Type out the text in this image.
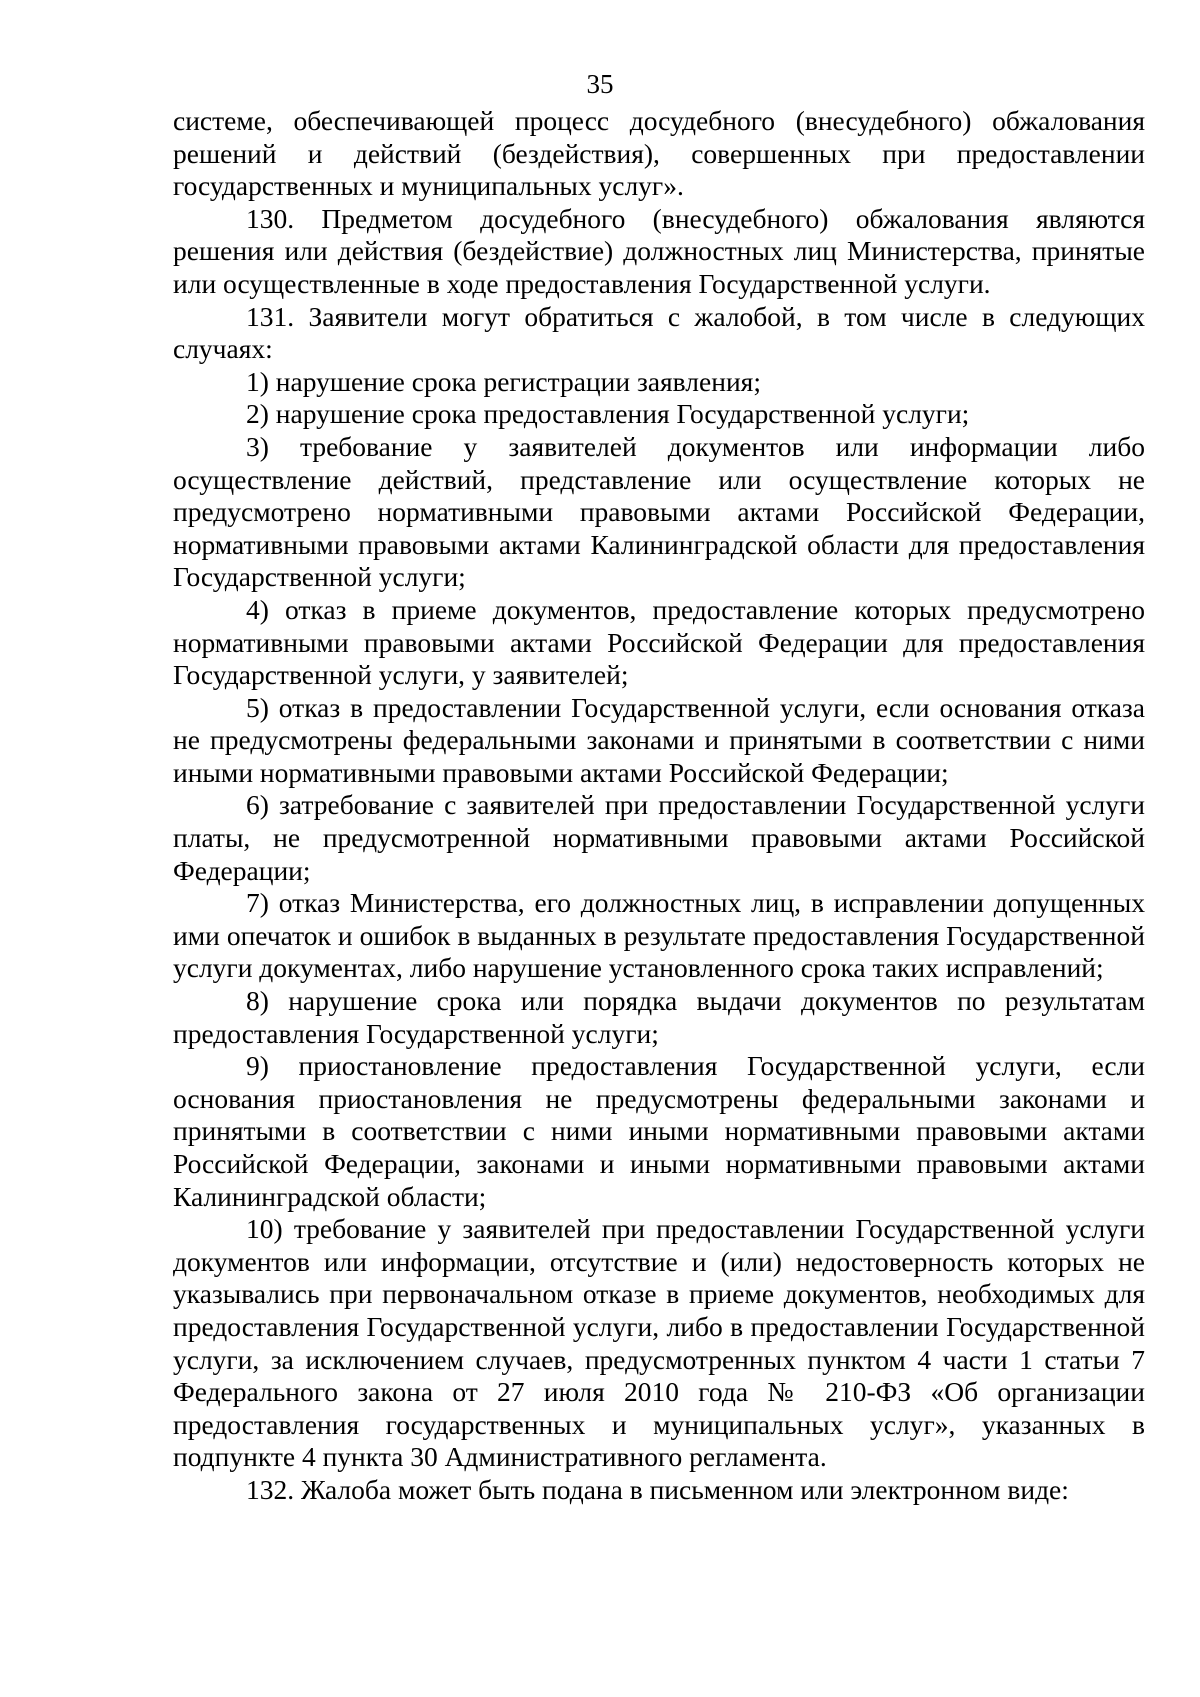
35

системе, обеспечивающей процесс досудебного (внесудебного) обжалования решений и действий (бездействия), совершенных при предоставлении государственных и муниципальных услуг».

130. Предметом досудебного (внесудебного) обжалования являются решения или действия (бездействие) должностных лиц Министерства, принятые или осуществленные в ходе предоставления Государственной услуги.

131. Заявители могут обратиться с жалобой, в том числе в следующих случаях:

1) нарушение срока регистрации заявления;

2) нарушение срока предоставления Государственной услуги;

3) требование у заявителей документов или информации либо осуществление действий, представление или осуществление которых не предусмотрено нормативными правовыми актами Российской Федерации, нормативными правовыми актами Калининградской области для предоставления Государственной услуги;

4) отказ в приеме документов, предоставление которых предусмотрено нормативными правовыми актами Российской Федерации для предоставления Государственной услуги, у заявителей;

5) отказ в предоставлении Государственной услуги, если основания отказа не предусмотрены федеральными законами и принятыми в соответствии с ними иными нормативными правовыми актами Российской Федерации;

6) затребование с заявителей при предоставлении Государственной услуги платы, не предусмотренной нормативными правовыми актами Российской Федерации;

7) отказ Министерства, его должностных лиц, в исправлении допущенных ими опечаток и ошибок в выданных в результате предоставления Государственной услуги документах, либо нарушение установленного срока таких исправлений;

8) нарушение срока или порядка выдачи документов по результатам предоставления Государственной услуги;

9) приостановление предоставления Государственной услуги, если основания приостановления не предусмотрены федеральными законами и принятыми в соответствии с ними иными нормативными правовыми актами Российской Федерации, законами и иными нормативными правовыми актами Калининградской области;

10) требование у заявителей при предоставлении Государственной услуги документов или информации, отсутствие и (или) недостоверность которых не указывались при первоначальном отказе в приеме документов, необходимых для предоставления Государственной услуги, либо в предоставлении Государственной услуги, за исключением случаев, предусмотренных пунктом 4 части 1 статьи 7 Федерального закона от 27 июля 2010 года № 210-ФЗ «Об организации предоставления государственных и муниципальных услуг», указанных в подпункте 4 пункта 30 Административного регламента.

132. Жалоба может быть подана в письменном или электронном виде:
